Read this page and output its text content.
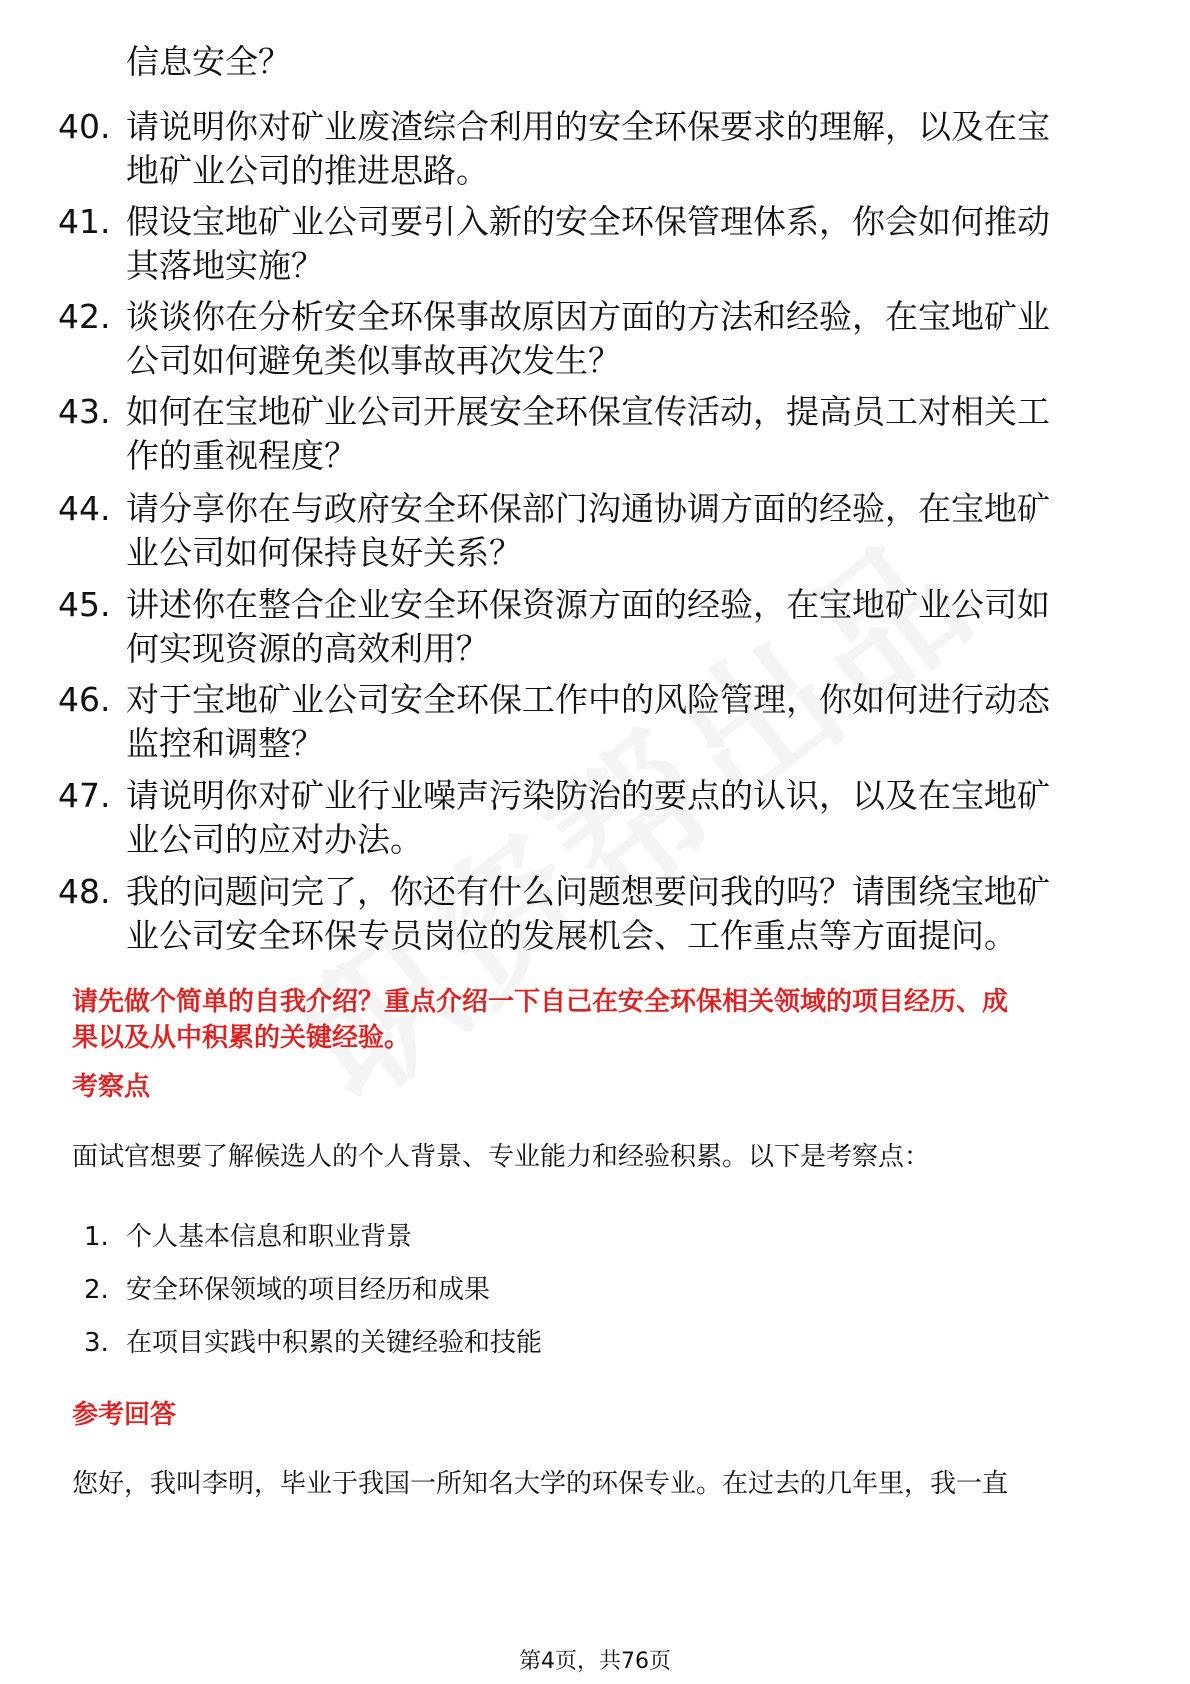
信息安全？
40. 请说明你对矿业废渣综合利用的安全环保要求的理解，以及在宝
地矿业公司的推进思路。
41. 假设宝地矿业公司要引入新的安全环保管理体系，你会如何推动
其落地实施？
42. 谈谈你在分析安全环保事故原因方面的方法和经验，在宝地矿业
公司如何避免类似事故再次发生？
43. 如何在宝地矿业公司开展安全环保宣传活动，提高员工对相关工
作的重视程度？
44. 请分享你在与政府安全环保部门沟通协调方面的经验，在宝地矿
业公司如何保持良好关系？
45. 讲述你在整合企业安全环保资源方面的经验，在宝地矿业公司如
何实现资源的高效利用？
46. 对于宝地矿业公司安全环保工作中的风险管理，你如何进行动态
监控和调整？
47. 请说明你对矿业行业噪声污染防治的要点的认识，以及在宝地矿
业公司的应对办法。
48. 我的问题问完了，你还有什么问题想要问我的吗？请围绕宝地矿
业公司安全环保专员岗位的发展机会、工作重点等方面提问。
请先做个简单的自我介绍？重点介绍一下自己在安全环保相关领域的项目经历、成
果以及从中积累的关键经验。
考察点
面试官想要了解候选人的个人背景、专业能力和经验积累。以下是考察点：
1. 个人基本信息和职业背景
2. 安全环保领域的项目经历和成果
3. 在项目实践中积累的关键经验和技能
参考回答
您好，我叫李明，毕业于我国一所知名大学的环保专业。在过去的几年里，我一直
第4页，共76页
